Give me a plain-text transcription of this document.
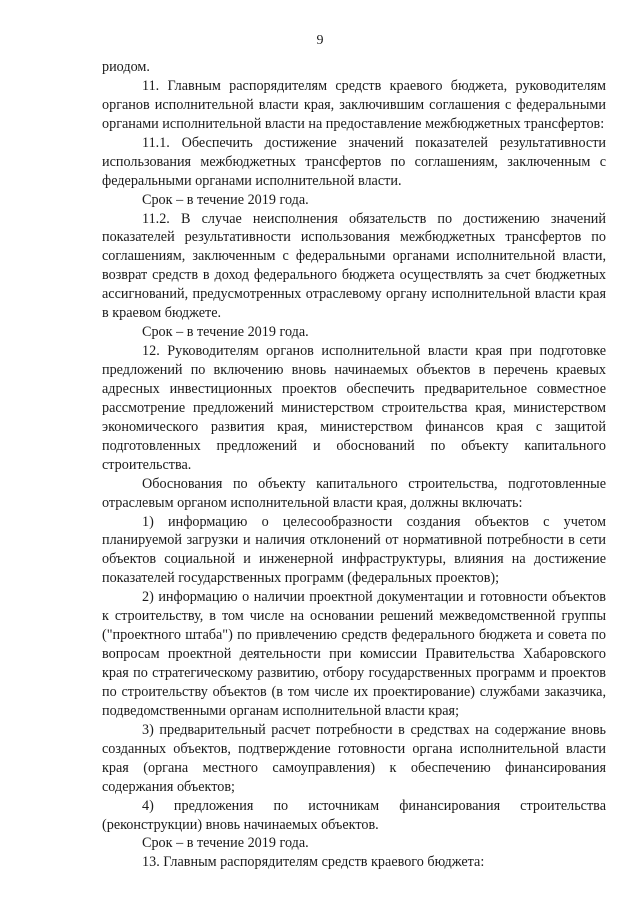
9

риодом.

11. Главным распорядителям средств краевого бюджета, руководителям органов исполнительной власти края, заключившим соглашения с федеральными органами исполнительной власти на предоставление межбюджетных трансфертов:

11.1. Обеспечить достижение значений показателей результативности использования межбюджетных трансфертов по соглашениям, заключенным с федеральными органами исполнительной власти.

Срок – в течение 2019 года.

11.2. В случае неисполнения обязательств по достижению значений показателей результативности использования межбюджетных трансфертов по соглашениям, заключенным с федеральными органами исполнительной власти, возврат средств в доход федерального бюджета осуществлять за счет бюджетных ассигнований, предусмотренных отраслевому органу исполнительной власти края в краевом бюджете.

Срок – в течение 2019 года.

12. Руководителям органов исполнительной власти края при подготовке предложений по включению вновь начинаемых объектов в перечень краевых адресных инвестиционных проектов обеспечить предварительное совместное рассмотрение предложений министерством строительства края, министерством экономического развития края, министерством финансов края с защитой подготовленных предложений и обоснований по объекту капитального строительства.

Обоснования по объекту капитального строительства, подготовленные отраслевым органом исполнительной власти края, должны включать:

1) информацию о целесообразности создания объектов с учетом планируемой загрузки и наличия отклонений от нормативной потребности в сети объектов социальной и инженерной инфраструктуры, влияния на достижение показателей государственных программ (федеральных проектов);

2) информацию о наличии проектной документации и готовности объектов к строительству, в том числе на основании решений межведомственной группы ("проектного штаба") по привлечению средств федерального бюджета и совета по вопросам проектной деятельности при комиссии Правительства Хабаровского края по стратегическому развитию, отбору государственных программ и проектов по строительству объектов (в том числе их проектирование) службами заказчика, подведомственными органам исполнительной власти края;

3) предварительный расчет потребности в средствах на содержание вновь созданных объектов, подтверждение готовности органа исполнительной власти края (органа местного самоуправления) к обеспечению финансирования содержания объектов;

4) предложения по источникам финансирования строительства (реконструкции) вновь начинаемых объектов.

Срок – в течение 2019 года.

13. Главным распорядителям средств краевого бюджета:
